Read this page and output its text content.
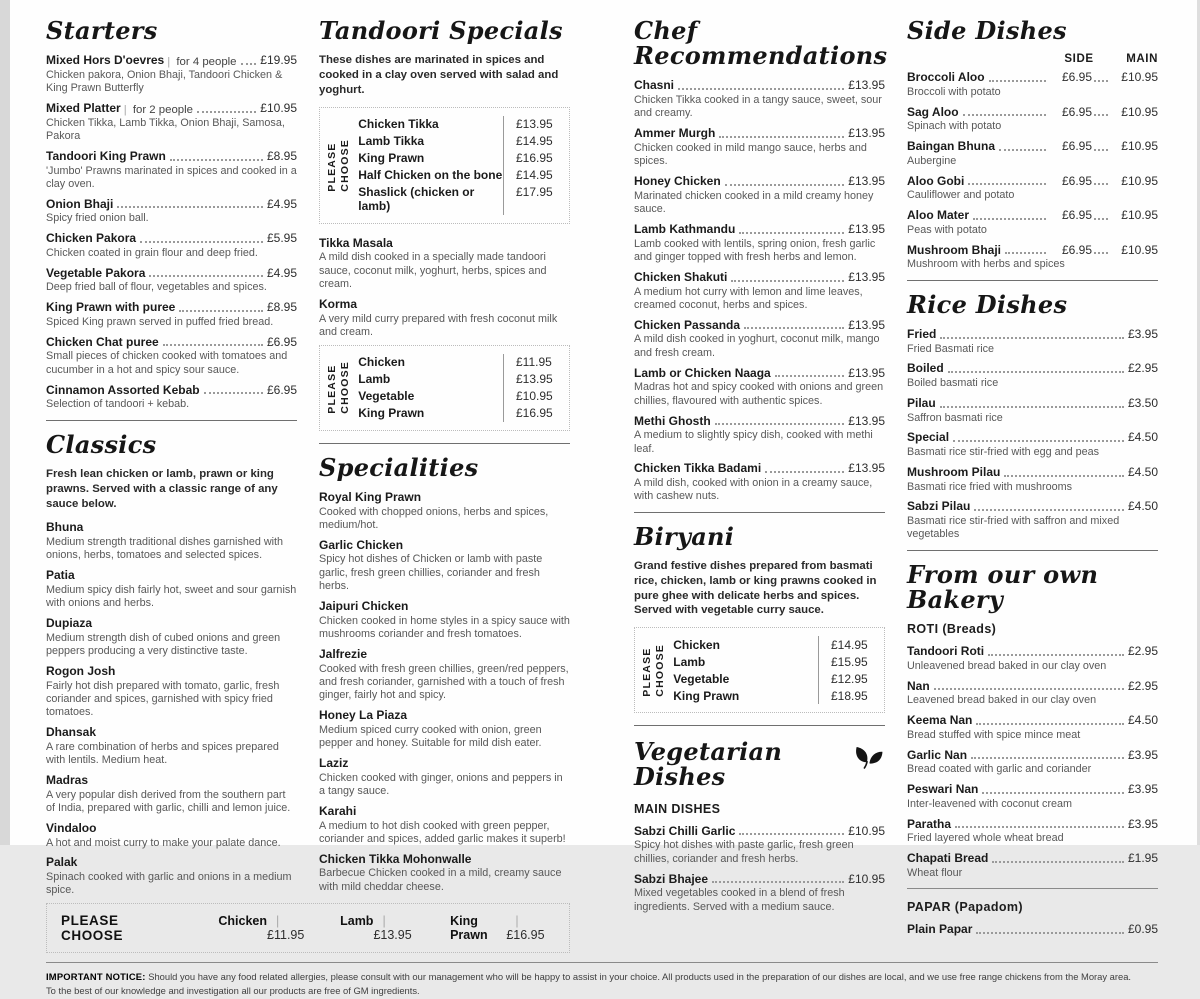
Starters
Mixed Hors D'oevres	| for 4 people £19.95
Chicken pakora, Onion Bhaji, Tandoori Chicken & King Prawn Butterfly
Mixed Platter	| for 2 people	£10.95
Chicken Tikka, Lamb Tikka, Onion Bhaji, Samosa, Pakora
Tandoori King Prawn	£8.95
'Jumbo' Prawns marinated in spices and cooked in a clay oven.
Onion Bhaji	£4.95
Spicy fried onion ball.
Chicken Pakora	£5.95
Chicken coated in grain flour and deep fried.
Vegetable Pakora	£4.95
Deep fried ball of flour, vegetables and spices.
King Prawn with puree	£8.95
Spiced King prawn served in puffed fried bread.
Chicken Chat puree	£6.95
Small pieces of chicken cooked with tomatoes and cucumber in a hot and spicy sour sauce.
Cinnamon Assorted Kebab	£6.95
Selection of tandoori + kebab.
Classics

Fresh lean chicken or lamb, prawn or king prawns. Served with a classic range of any sauce below.

Bhuna
Medium strength traditional dishes garnished with onions, herbs, tomatoes and selected spices.
Patia
Medium spicy dish fairly hot, sweet and sour garnish with onions and herbs.
Dupiaza
Medium strength dish of cubed onions and green peppers producing a very distinctive taste.
Rogon Josh
Fairly hot dish prepared with tomato, garlic, fresh coriander and spices, garnished with spicy fried tomatoes.
Dhansak
A rare combination of herbs and spices prepared with lentils. Medium heat.
Madras
A very popular dish derived from the southern part of India, prepared with garlic, chilli and lemon juice.
Vindaloo
A hot and moist curry to make your palate dance.
Palak
Spinach cooked with garlic and onions in a medium spice.
Tandoori Specials

These dishes are marinated in spices and cooked in a clay oven served with salad and yoghurt.

PLEASE CHOOSE
Chicken Tikka	£13.95
Lamb Tikka	£14.95
King Prawn	£16.95
Half Chicken on the bone	£14.95
Shaslick (chicken or lamb)
£17.95
Tikka Masala
A mild dish cooked in a specially made tandoori sauce, coconut milk, yoghurt, herbs, spices and cream.
Korma
A very mild curry prepared with fresh coconut milk and cream.
PLEASE CHOOSE Chicken	£11.95
Lamb	£13.95
Vegetable	£10.95
King Prawn	£16.95
Specialities
Royal King Prawn
Cooked with chopped onions, herbs and spices, medium/hot.
Garlic Chicken
Spicy hot dishes of Chicken or lamb with paste garlic, fresh green chillies, coriander and fresh herbs.
Jaipuri Chicken
Chicken cooked in home styles in a spicy sauce with mushrooms coriander and fresh tomatoes.
Jalfrezie
Cooked with fresh green chillies, green/red peppers, and fresh coriander, garnished with a touch of fresh ginger, fairly hot and spicy.
Honey La Piaza
Medium spiced curry cooked with onion, green pepper and honey. Suitable for mild dish eater.
Laziz
Chicken cooked with ginger, onions and peppers in a tangy sauce.
Karahi
A medium to hot dish cooked with green pepper, coriander and spices, added garlic makes it superb!
Chicken Tikka Mohonwalle
Barbecue Chicken cooked in a mild, creamy sauce with mild cheddar cheese.
PLEASE CHOOSE
Chicken
| £11.95
Lamb
| £13.95
King Prawn	| £16.95
Chef Recommendations
Chasni	£13.95
Chicken Tikka cooked in a tangy sauce, sweet, sour and creamy.
Ammer Murgh	£13.95
Chicken cooked in mild mango sauce, herbs and spices.
Honey Chicken	£13.95
Marinated chicken cooked in a mild creamy honey sauce.
Lamb Kathmandu	£13.95
Lamb cooked with lentils, spring onion, fresh garlic and ginger topped with fresh herbs and lemon.
Chicken Shakuti	£13.95
A medium hot curry with lemon and lime leaves, creamed coconut, herbs and spices.
Chicken Passanda	£13.95
A mild dish cooked in yoghurt, coconut milk, mango and fresh cream.
Lamb or Chicken Naaga	£13.95
Madras hot and spicy cooked with onions and green chillies, flavoured with authentic spices.
Methi Ghosth	£13.95
A medium to slightly spicy dish, cooked with methi leaf.
Chicken Tikka Badami	£13.95
A mild dish, cooked with onion in a creamy sauce, with cashew nuts.
Biryani

Grand festive dishes prepared from basmati rice, chicken, lamb or king prawns cooked in pure ghee with delicate herbs and spices.

Served with vegetable curry sauce.

PLEASE CHOOSE Chicken	£14.95
Lamb	£15.95
Vegetable	£12.95
King Prawn	£18.95
Vegetarian Dishes
MAIN DISHES
Sabzi Chilli Garlic	£10.95
Spicy hot dishes with paste garlic, fresh green chillies, coriander and fresh herbs.
Sabzi Bhajee	£10.95
Mixed vegetables cooked in a blend of fresh ingredients. Served with a medium sauce.
Side Dishes
SIDE	MAIN
Broccoli Aloo	£6.95	£10.95
Broccoli with potato
Sag Aloo	£6.95	£10.95
Spinach with potato
Baingan Bhuna	£6.95	£10.95
Aubergine
Aloo Gobi	£6.95	£10.95
Cauliflower and potato
Aloo Mater	£6.95	£10.95
Peas with potato
Mushroom Bhaji	£6.95	£10.95
Mushroom with herbs and spices
Rice Dishes
Fried	£3.95
Fried Basmati rice
Boiled	£2.95
Boiled basmati rice
Pilau	£3.50
Saffron basmati rice
Special	£4.50
Basmati rice stir-fried with egg and peas
Mushroom Pilau	£4.50
Basmati rice fried with mushrooms
Sabzi Pilau	£4.50
Basmati rice stir-fried with saffron and mixed vegetables
From our own Bakery
ROTI (Breads)
Tandoori Roti	£2.95
Unleavened bread baked in our clay oven
Nan	£2.95
Leavened bread baked in our clay oven
Keema Nan	£4.50
Bread stuffed with spice mince meat
Garlic Nan	£3.95
Bread coated with garlic and coriander
Peswari Nan	£3.95
Inter-leavened with coconut cream
Paratha	£3.95
Fried layered whole wheat bread
Chapati Bread	£1.95
Wheat flour
PAPAR (Papadom)
Plain Papar	£0.95
IMPORTANT NOTICE: Should you have any food related allergies, please consult with our management who will be happy to assist in your choice. All products used in the preparation of our dishes are local, and we use free range chickens from the Moray area.
To the best of our knowledge and investigation all our products are free of GM ingredients.
